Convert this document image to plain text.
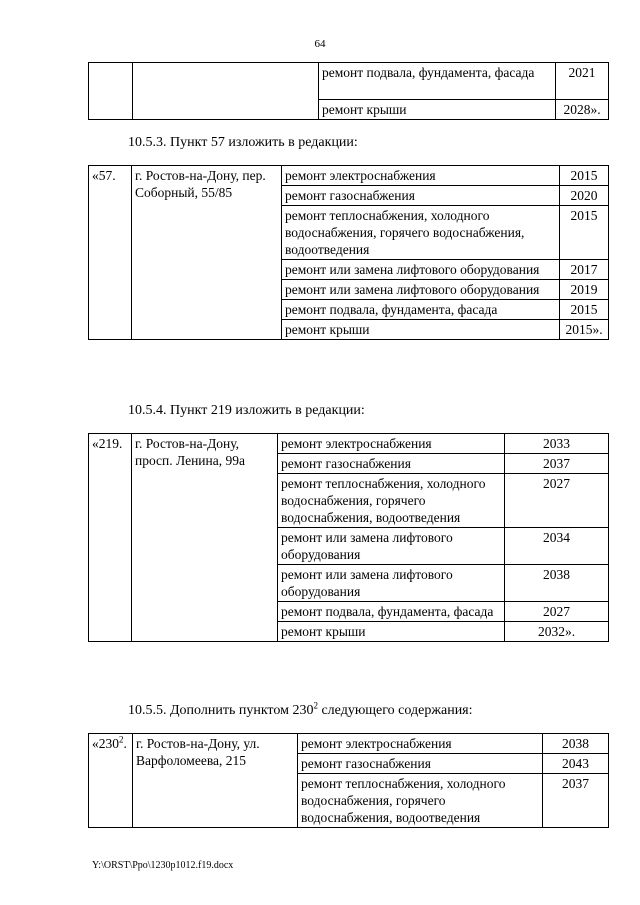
64
		ремонт подвала, фундамента, фасада	2021
		ремонт крыши	2028».
10.5.3. Пункт 57 изложить в редакции:
«57.	г. Ростов-на-Дону, пер. Соборный, 55/85	ремонт электроснабжения	2015
		ремонт газоснабжения	2020
		ремонт теплоснабжения, холодного водоснабжения, горячего водоснабжения, водоотведения	2015
		ремонт или замена лифтового оборудования	2017
		ремонт или замена лифтового оборудования	2019
		ремонт подвала, фундамента, фасада	2015
		ремонт крыши	2015».
10.5.4. Пункт 219 изложить в редакции:
«219.	г. Ростов-на-Дону, просп. Ленина, 99а	ремонт электроснабжения	2033
		ремонт газоснабжения	2037
		ремонт теплоснабжения, холодного водоснабжения, горячего водоснабжения, водоотведения	2027
		ремонт или замена лифтового оборудования	2034
		ремонт или замена лифтового оборудования	2038
		ремонт подвала, фундамента, фасада	2027
		ремонт крыши	2032».
10.5.5. Дополнить пунктом $230^2$ следующего содержания:
«$230^2$.	г. Ростов-на-Дону, ул. Варфоломеева, 215	ремонт электроснабжения	2038
		ремонт газоснабжения	2043
		ремонт теплоснабжения, холодного водоснабжения, горячего водоснабжения, водоотведения	2037
Y:\ORST\Ppo\1230p1012.f19.docx
